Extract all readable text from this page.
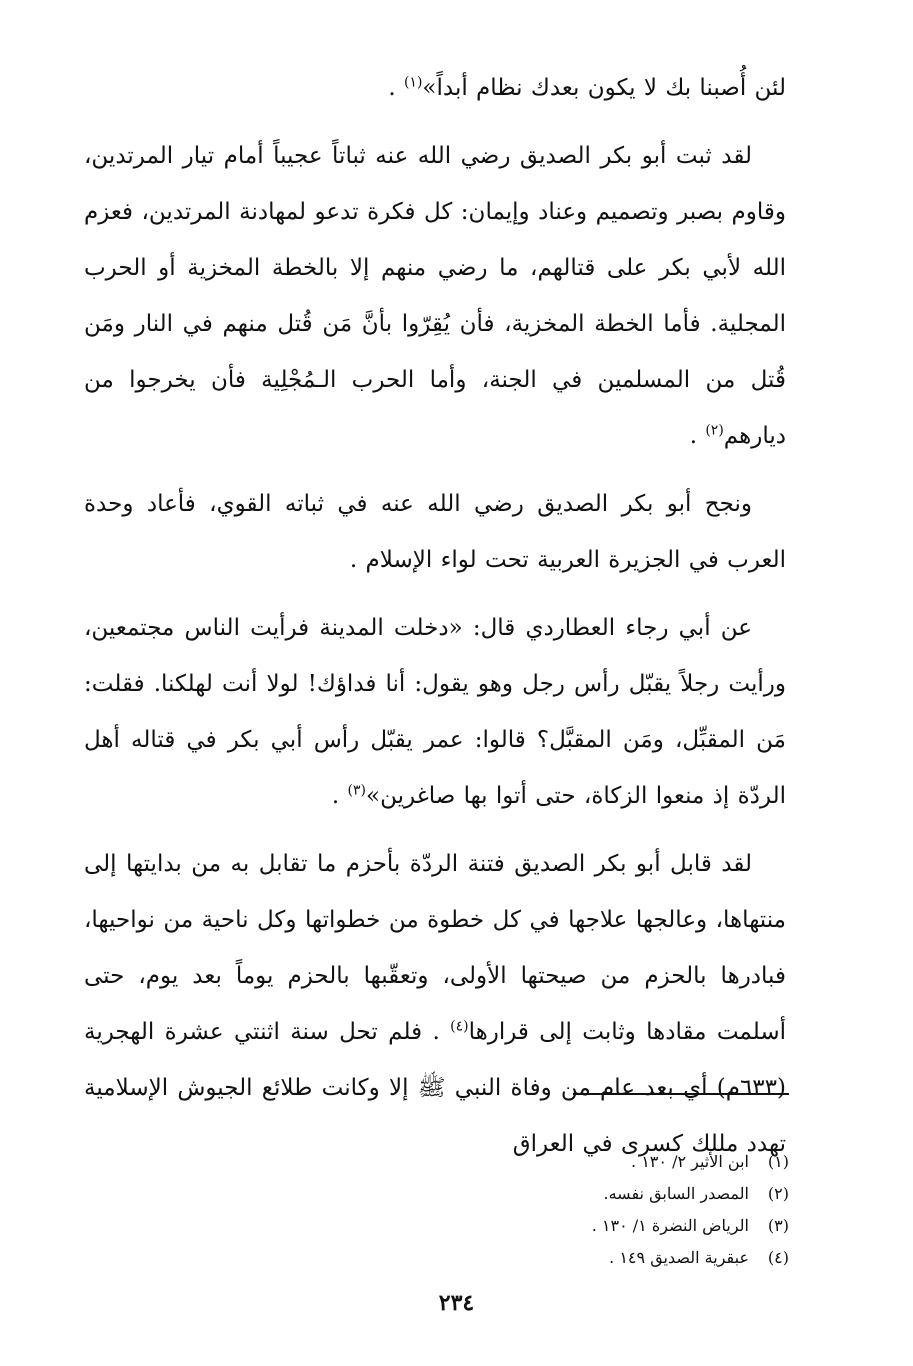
لئن أُصبنا بك لا يكون بعدك نظام أبداً»$^{(١)}$ .

لقد ثبت أبو بكر الصديق رضي الله عنه ثباتاً عجيباً أمام تيار المرتدين، وقاوم بصبر وتصميم وعناد وإيمان: كل فكرة تدعو لمهادنة المرتدين، فعزم الله لأبي بكر على قتالهم، ما رضي منهم إلا بالخطة المخزية أو الحرب المجلية. فأما الخطة المخزية، فأن يُقِرّوا بأنَّ مَن قُتل منهم في النار ومَن قُتل من المسلمين في الجنة، وأما الحرب الـمُجْلِية فأن يخرجوا من ديارهم$^{(٢)}$ .

ونجح أبو بكر الصديق رضي الله عنه في ثباته القوي، فأعاد وحدة العرب في الجزيرة العربية تحت لواء الإسلام .

عن أبي رجاء العطاردي قال: «دخلت المدينة فرأيت الناس مجتمعين، ورأيت رجلاً يقبّل رأس رجل وهو يقول: أنا فداؤك! لولا أنت لهلكنا. فقلت: مَن المقبِّل، ومَن المقبَّل؟ قالوا: عمر يقبّل رأس أبي بكر في قتاله أهل الردّة إذ منعوا الزكاة، حتى أتوا بها صاغرين»$^{(٣)}$ .

لقد قابل أبو بكر الصديق فتنة الردّة بأحزم ما تقابل به من بدايتها إلى منتهاها، وعالجها علاجها في كل خطوة من خطواتها وكل ناحية من نواحيها، فبادرها بالحزم من صيحتها الأولى، وتعقّبها بالحزم يوماً بعد يوم، حتى أسلمت مقادها وثابت إلى قرارها$^{(٤)}$ . فلم تحل سنة اثنتي عشرة الهجرية (٦٣٣م) أي بعد عام من وفاة النبي ﷺ إلا وكانت طلائع الجيوش الإسلامية تهدد مللك كسرى في العراق

(١)
ابن الأثير ٢/ ١٣٠ .
(٢)
المصدر السابق نفسه.
(٣)
الرياض النضرة ١/ ١٣٠ .
(٤)
عبقرية الصديق ١٤٩ .
٢٣٤
